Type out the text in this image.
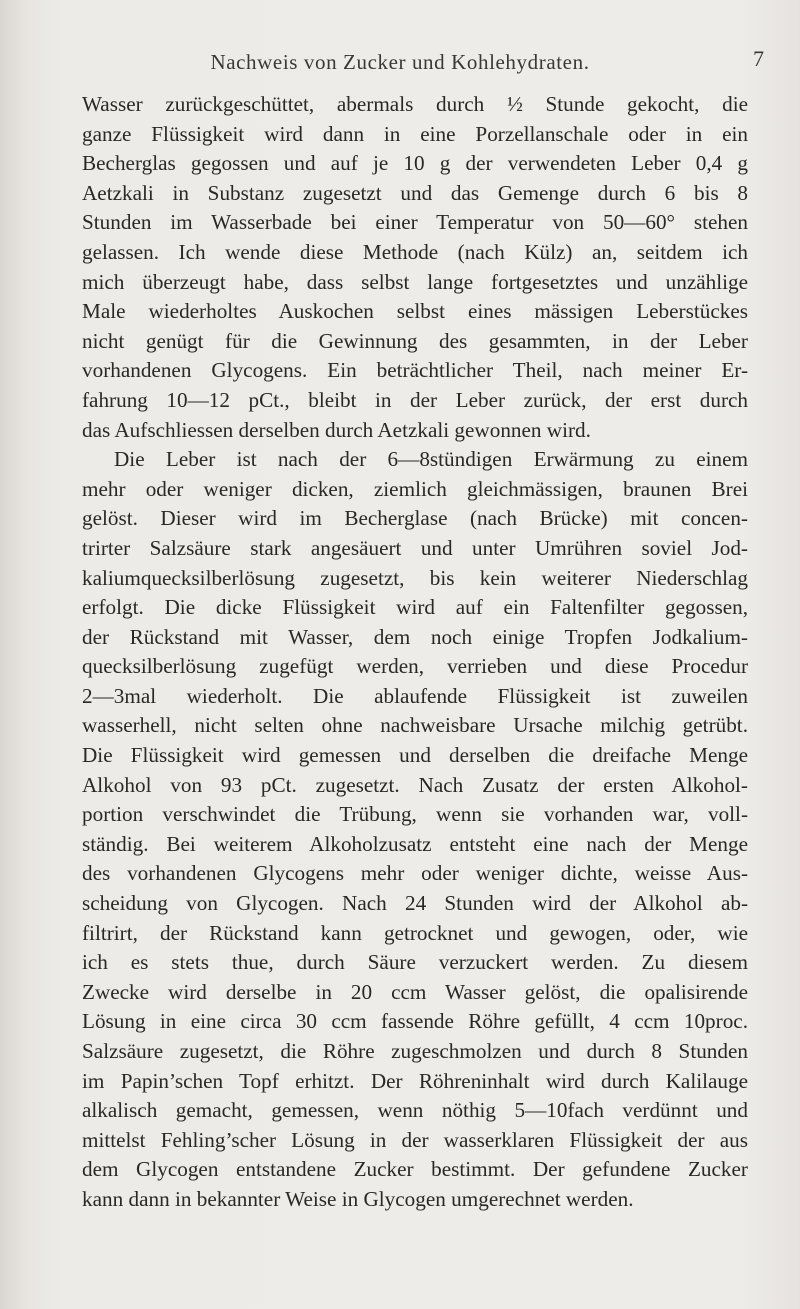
Nachweis von Zucker und Kohlehydraten.	7
Wasser zurückgeschüttet, abermals durch ½ Stunde gekocht, die
ganze Flüssigkeit wird dann in eine Porzellanschale oder in ein
Becherglas gegossen und auf je 10 g der verwendeten Leber 0,4 g
Aetzkali in Substanz zugesetzt und das Gemenge durch 6 bis 8
Stunden im Wasserbade bei einer Temperatur von 50—60° stehen
gelassen. Ich wende diese Methode (nach Külz) an, seitdem ich
mich überzeugt habe, dass selbst lange fortgesetztes und unzählige
Male wiederholtes Auskochen selbst eines mässigen Leberstückes
nicht genügt für die Gewinnung des gesammten, in der Leber
vorhandenen Glycogens. Ein beträchtlicher Theil, nach meiner Er-
fahrung 10—12 pCt., bleibt in der Leber zurück, der erst durch
das Aufschliessen derselben durch Aetzkali gewonnen wird.
Die Leber ist nach der 6—8stündigen Erwärmung zu einem
mehr oder weniger dicken, ziemlich gleichmässigen, braunen Brei
gelöst. Dieser wird im Becherglase (nach Brücke) mit concen-
trirter Salzsäure stark angesäuert und unter Umrühren soviel Jod-
kaliumquecksilberlösung zugesetzt, bis kein weiterer Niederschlag
erfolgt. Die dicke Flüssigkeit wird auf ein Faltenfilter gegossen,
der Rückstand mit Wasser, dem noch einige Tropfen Jodkalium-
quecksilberlösung zugefügt werden, verrieben und diese Procedur
2—3mal wiederholt. Die ablaufende Flüssigkeit ist zuweilen
wasserhell, nicht selten ohne nachweisbare Ursache milchig getrübt.
Die Flüssigkeit wird gemessen und derselben die dreifache Menge
Alkohol von 93 pCt. zugesetzt. Nach Zusatz der ersten Alkohol-
portion verschwindet die Trübung, wenn sie vorhanden war, voll-
ständig. Bei weiterem Alkoholzusatz entsteht eine nach der Menge
des vorhandenen Glycogens mehr oder weniger dichte, weisse Aus-
scheidung von Glycogen. Nach 24 Stunden wird der Alkohol ab-
filtrirt, der Rückstand kann getrocknet und gewogen, oder, wie
ich es stets thue, durch Säure verzuckert werden. Zu diesem
Zwecke wird derselbe in 20 ccm Wasser gelöst, die opalisirende
Lösung in eine circa 30 ccm fassende Röhre gefüllt, 4 ccm 10proc.
Salzsäure zugesetzt, die Röhre zugeschmolzen und durch 8 Stunden
im Papin’schen Topf erhitzt. Der Röhreninhalt wird durch Kalilauge
alkalisch gemacht, gemessen, wenn nöthig 5—10fach verdünnt und
mittelst Fehling’scher Lösung in der wasserklaren Flüssigkeit der aus
dem Glycogen entstandene Zucker bestimmt. Der gefundene Zucker
kann dann in bekannter Weise in Glycogen umgerechnet werden.
